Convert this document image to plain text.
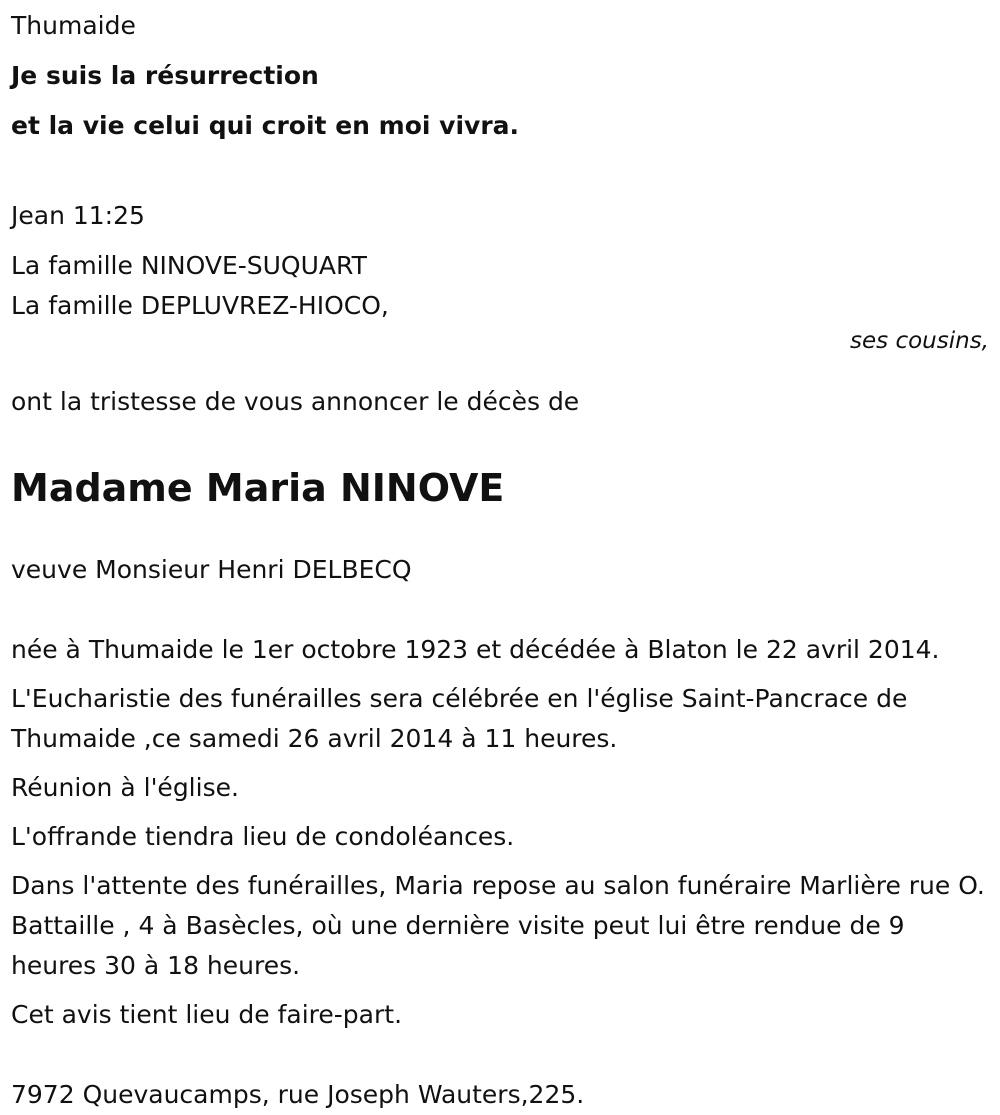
Thumaide

Je suis la résurrection

et la vie celui qui croit en moi vivra.

Jean 11:25

La famille NINOVE-SUQUART

La famille DEPLUVREZ-HIOCO,

ses cousins,

ont la tristesse de vous annoncer le décès de

Madame Maria NINOVE

veuve Monsieur Henri DELBECQ

née à Thumaide le 1er octobre 1923 et décédée à Blaton le 22 avril 2014.

L'Eucharistie des funérailles sera célébrée en l'église Saint-Pancrace de Thumaide ,ce samedi 26 avril 2014 à 11 heures.

Réunion à l'église.

L'offrande tiendra lieu de condoléances.

Dans l'attente des funérailles, Maria repose au salon funéraire Marlière rue O. Battaille , 4 à Basècles, où une dernière visite peut lui être rendue de 9 heures 30 à 18 heures.

Cet avis tient lieu de faire-part.

7972 Quevaucamps, rue Joseph Wauters,225.
